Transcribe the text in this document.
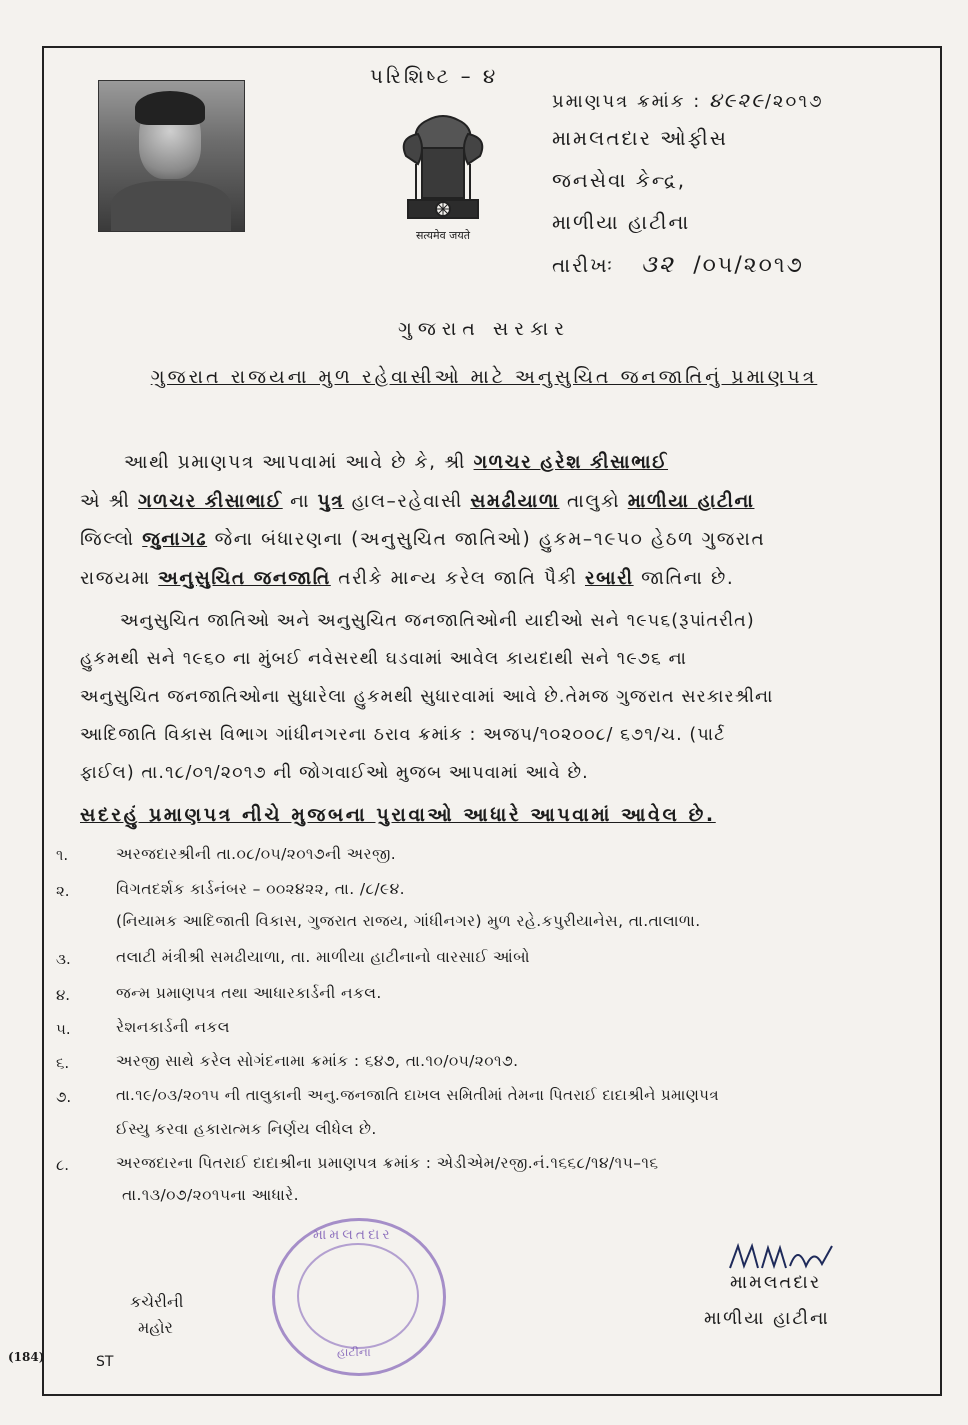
પરિશિષ્ટ – ૪
सत्यमेव जयते
પ્રમાણપત્ર ક્રમાંક : ૪૯૨૯/૨૦૧૭
મામલતદાર ઓફીસ
જનસેવા કેન્દ્ર,
માળીયા હાટીના
તારીખઃ ૩૨ /૦૫/૨૦૧૭
ગુજરાત સરકાર
ગુજરાત રાજયના મુળ રહેવાસીઓ માટે અનુસુચિત જનજાતિનું પ્રમાણપત્ર
આથી પ્રમાણપત્ર આપવામાં આવે છે કે, શ્રી ગળચર હરેશ કીસાભાઈ
એ શ્રી ગળચર કીસાભાઈ ના પુત્ર હાલ–રહેવાસી સમઢીયાળા તાલુકો માળીયા હાટીના
જિલ્લો જુનાગઢ જેના બંધારણના (અનુસુચિત જાતિઓ) હુકમ–૧૯૫૦ હેઠળ ગુજરાત
રાજયમા અનુસુચિત જનજાતિ તરીકે માન્ય કરેલ જાતિ પૈકી રબારી જાતિના છે.
અનુસુચિત જાતિઓ અને અનુસુચિત જનજાતિઓની યાદીઓ સને ૧૯૫૬(રૂપાંતરીત)
હુકમથી સને ૧૯૬૦ ના મુંબઈ નવેસરથી ઘડવામાં આવેલ કાયદાથી સને ૧૯૭૬ ના
અનુસુચિત જનજાતિઓના સુધારેલા હુકમથી સુધારવામાં આવે છે.તેમજ ગુજરાત સરકારશ્રીના
આદિજાતિ વિકાસ વિભાગ ગાંધીનગરના ઠરાવ ક્રમાંક : અજપ/૧૦૨૦૦૮/ ૬૭૧/ચ. (પાર્ટ
ફાઈલ) તા.૧૮/૦૧/૨૦૧૭ ની જોગવાઈઓ મુજબ આપવામાં આવે છે.
સદરહું પ્રમાણપત્ર નીચે મુજબના પુરાવાઓ આધારે આપવામાં આવેલ છે.
૧.	અરજદારશ્રીની તા.૦૮/૦૫/૨૦૧૭ની અરજી.
૨.	વિગતદર્શક કાર્ડનંબર – ૦૦૨૪૨૨, તા. /૮/૯૪.
(નિયામક આદિજાતી વિકાસ, ગુજરાત રાજય, ગાંધીનગર) મુળ રહે.કપુરીયાનેસ, તા.તાલાળા.
૩.	તલાટી મંત્રીશ્રી સમઢીયાળા, તા. માળીયા હાટીનાનો વારસાઈ આંબો
૪.	જન્મ પ્રમાણપત્ર તથા આધારકાર્ડની નકલ.
૫.	રેશનકાર્ડની નકલ
૬.	અરજી સાથે કરેલ સોગંદનામા ક્રમાંક : ૬૪૭, તા.૧૦/૦૫/૨૦૧૭.
૭.	તા.૧૯/૦૩/૨૦૧૫ ની તાલુકાની અનુ.જનજાતિ દાખલ સમિતીમાં તેમના પિતરાઈ દાદાશ્રીને પ્રમાણપત્ર
ઈસ્યુ કરવા હકારાત્મક નિર્ણય લીધેલ છે.
૮.	અરજદારના પિતરાઈ દાદાશ્રીના પ્રમાણપત્ર ક્રમાંક : એડીએમ/રજી.નં.૧૬૬૮/૧૪/૧૫–૧૬
તા.૧૩/૦૭/૨૦૧૫ના આધારે.
કચેરીની
મહોર
મામલતદાર
હાટીના
મામલતદાર
માળીયા હાટીના
(184)	ST
